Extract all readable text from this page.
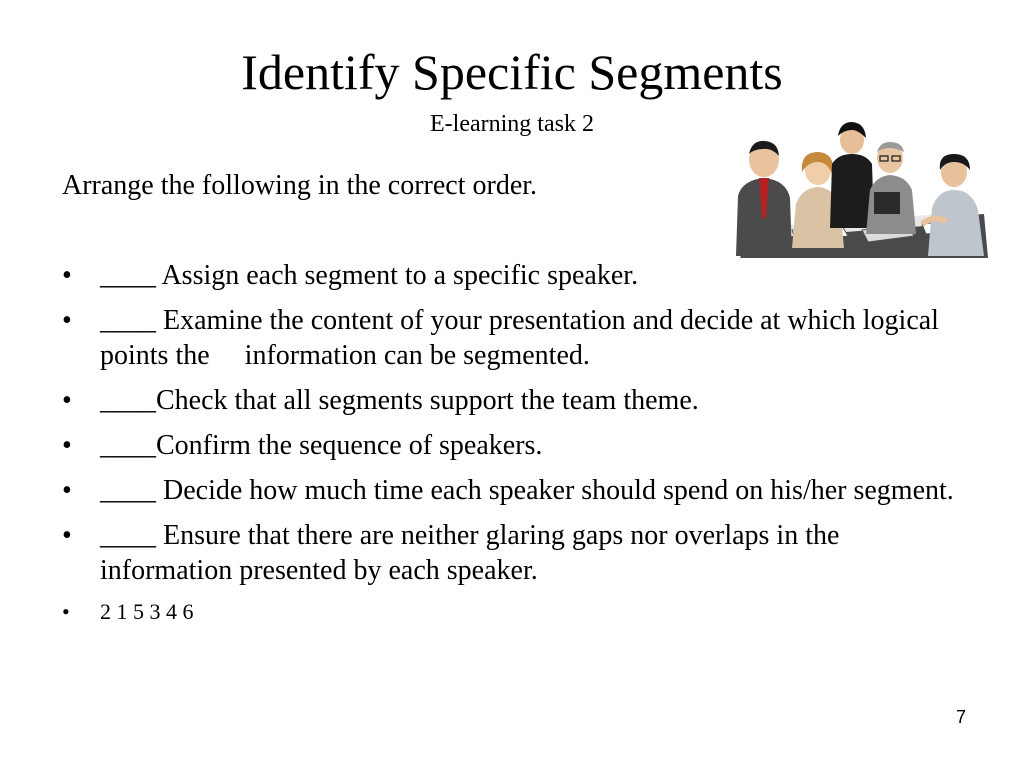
Identify Specific Segments
E-learning task 2
Arrange the following in the correct order.
• ____ Assign each segment to a specific speaker.
• ____ Examine the content of your presentation and decide at which logical points the     information can be segmented.
• ____Check that all segments support the team theme.
• ____Confirm the sequence of speakers.
• ____ Decide how much time each speaker should spend on his/her segment.
• ____ Ensure that there are neither glaring gaps nor overlaps in the information presented by each speaker.
• 2 1 5 3 4 6
7
